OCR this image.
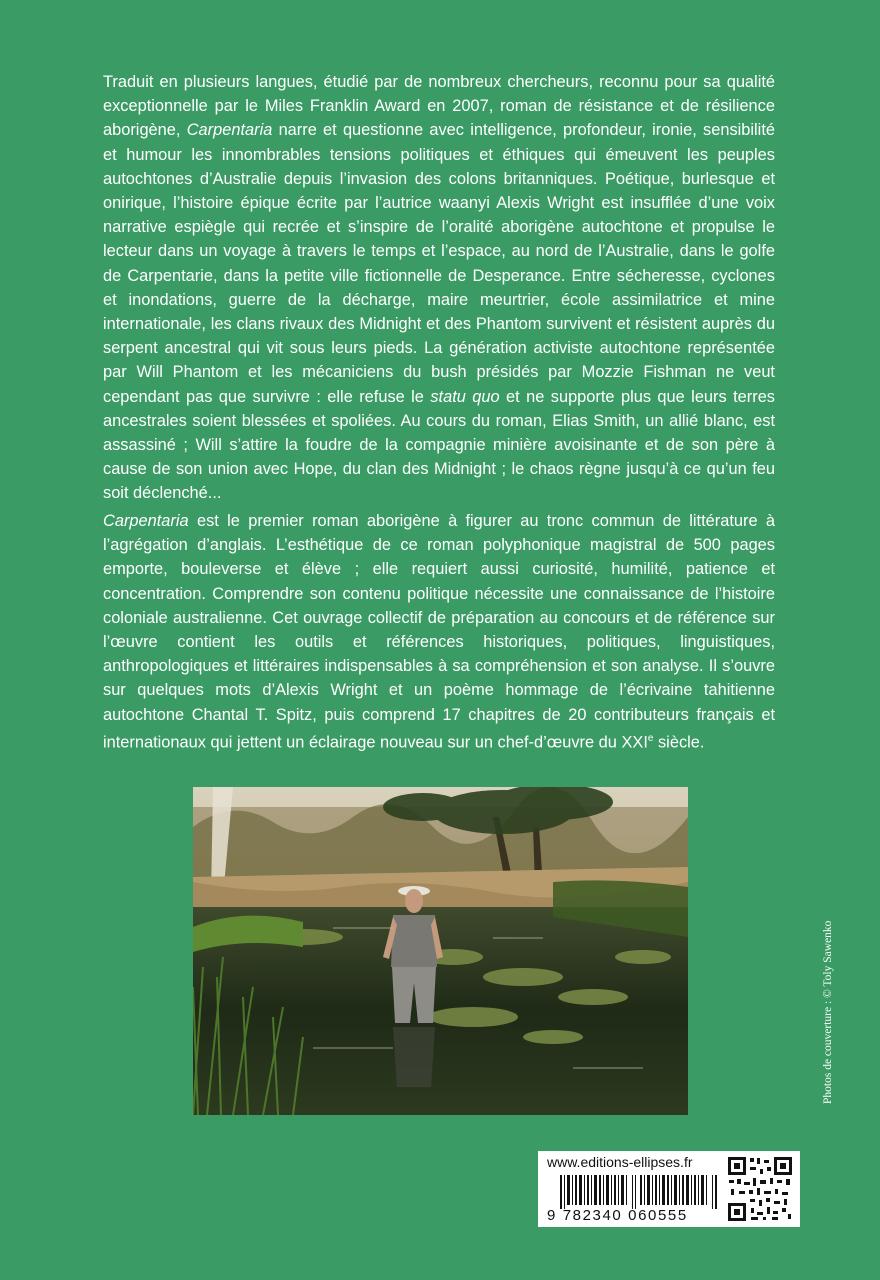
Traduit en plusieurs langues, étudié par de nombreux chercheurs, reconnu pour sa qualité exceptionnelle par le Miles Franklin Award en 2007, roman de résistance et de résilience aborigène, Carpentaria narre et questionne avec intelligence, profondeur, ironie, sensibilité et humour les innombrables tensions politiques et éthiques qui émeuvent les peuples autochtones d’Australie depuis l’invasion des colons britanniques. Poétique, burlesque et onirique, l’histoire épique écrite par l’autrice waanyi Alexis Wright est insufflée d’une voix narrative espiègle qui recrée et s’inspire de l’oralité aborigène autochtone et propulse le lecteur dans un voyage à travers le temps et l’espace, au nord de l’Australie, dans le golfe de Carpentarie, dans la petite ville fictionnelle de Desperance. Entre sécheresse, cyclones et inondations, guerre de la décharge, maire meurtrier, école assimilatrice et mine internationale, les clans rivaux des Midnight et des Phantom survivent et résistent auprès du serpent ancestral qui vit sous leurs pieds. La génération activiste autochtone représentée par Will Phantom et les mécaniciens du bush présidés par Mozzie Fishman ne veut cependant pas que survivre : elle refuse le statu quo et ne supporte plus que leurs terres ancestrales soient blessées et spoliées. Au cours du roman, Elias Smith, un allié blanc, est assassiné ; Will s’attire la foudre de la compagnie minière avoisinante et de son père à cause de son union avec Hope, du clan des Midnight ; le chaos règne jusqu’à ce qu’un feu soit déclenché...

Carpentaria est le premier roman aborigène à figurer au tronc commun de littérature à l’agrégation d’anglais. L’esthétique de ce roman polyphonique magistral de 500 pages emporte, bouleverse et élève ; elle requiert aussi curiosité, humilité, patience et concentration. Comprendre son contenu politique nécessite une connaissance de l’histoire coloniale australienne. Cet ouvrage collectif de préparation au concours et de référence sur l’œuvre contient les outils et références historiques, politiques, linguistiques, anthropologiques et littéraires indispensables à sa compréhension et son analyse. Il s’ouvre sur quelques mots d’Alexis Wright et un poème hommage de l’écrivaine tahitienne autochtone Chantal T. Spitz, puis comprend 17 chapitres de 20 contributeurs français et internationaux qui jettent un éclairage nouveau sur un chef-d’œuvre du XXIe siècle.

Photos de couverture : © Toly Sawenko
www.editions-ellipses.fr
9 782340 060555
